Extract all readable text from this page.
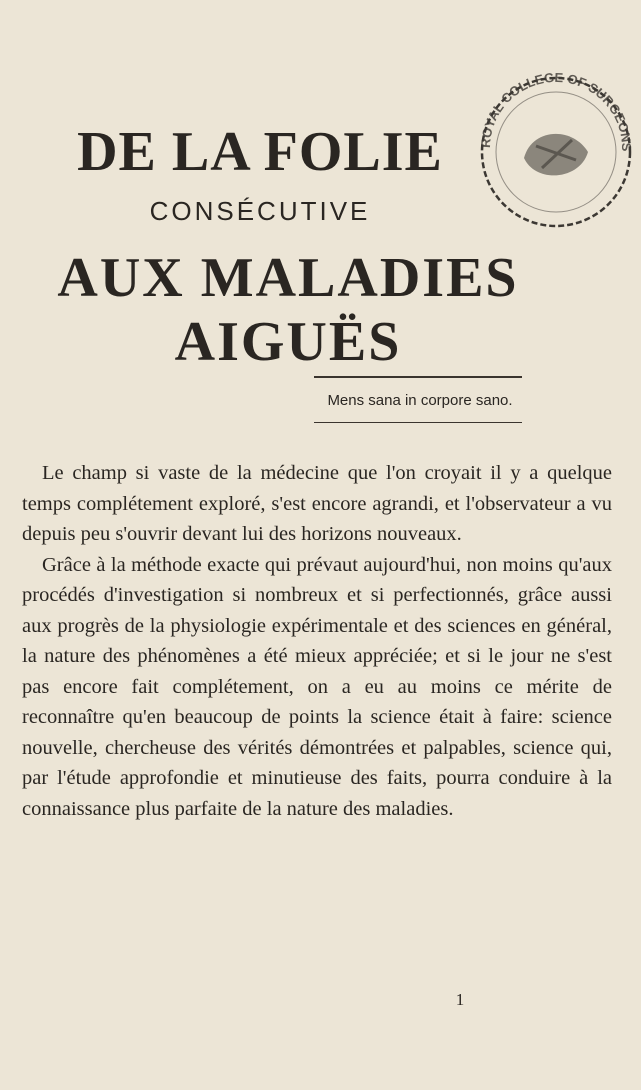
DE LA FOLIE
CONSÉCUTIVE
AUX MALADIES AIGUËS
ROYAL COLLEGE OF SURGEONS
Mens sana in corpore sano.

Le champ si vaste de la médecine que l'on croyait il y a quelque temps complétement exploré, s'est encore agrandi, et l'observateur a vu depuis peu s'ouvrir devant lui des horizons nouveaux.

Grâce à la méthode exacte qui prévaut aujourd'hui, non moins qu'aux procédés d'investigation si nombreux et si perfectionnés, grâce aussi aux progrès de la physiologie expérimentale et des sciences en général, la nature des phénomènes a été mieux appréciée; et si le jour ne s'est pas encore fait complétement, on a eu au moins ce mérite de reconnaître qu'en beaucoup de points la science était à faire: science nouvelle, chercheuse des vérités démontrées et palpables, science qui, par l'étude approfondie et minutieuse des faits, pourra conduire à la connaissance plus parfaite de la nature des maladies.

1
